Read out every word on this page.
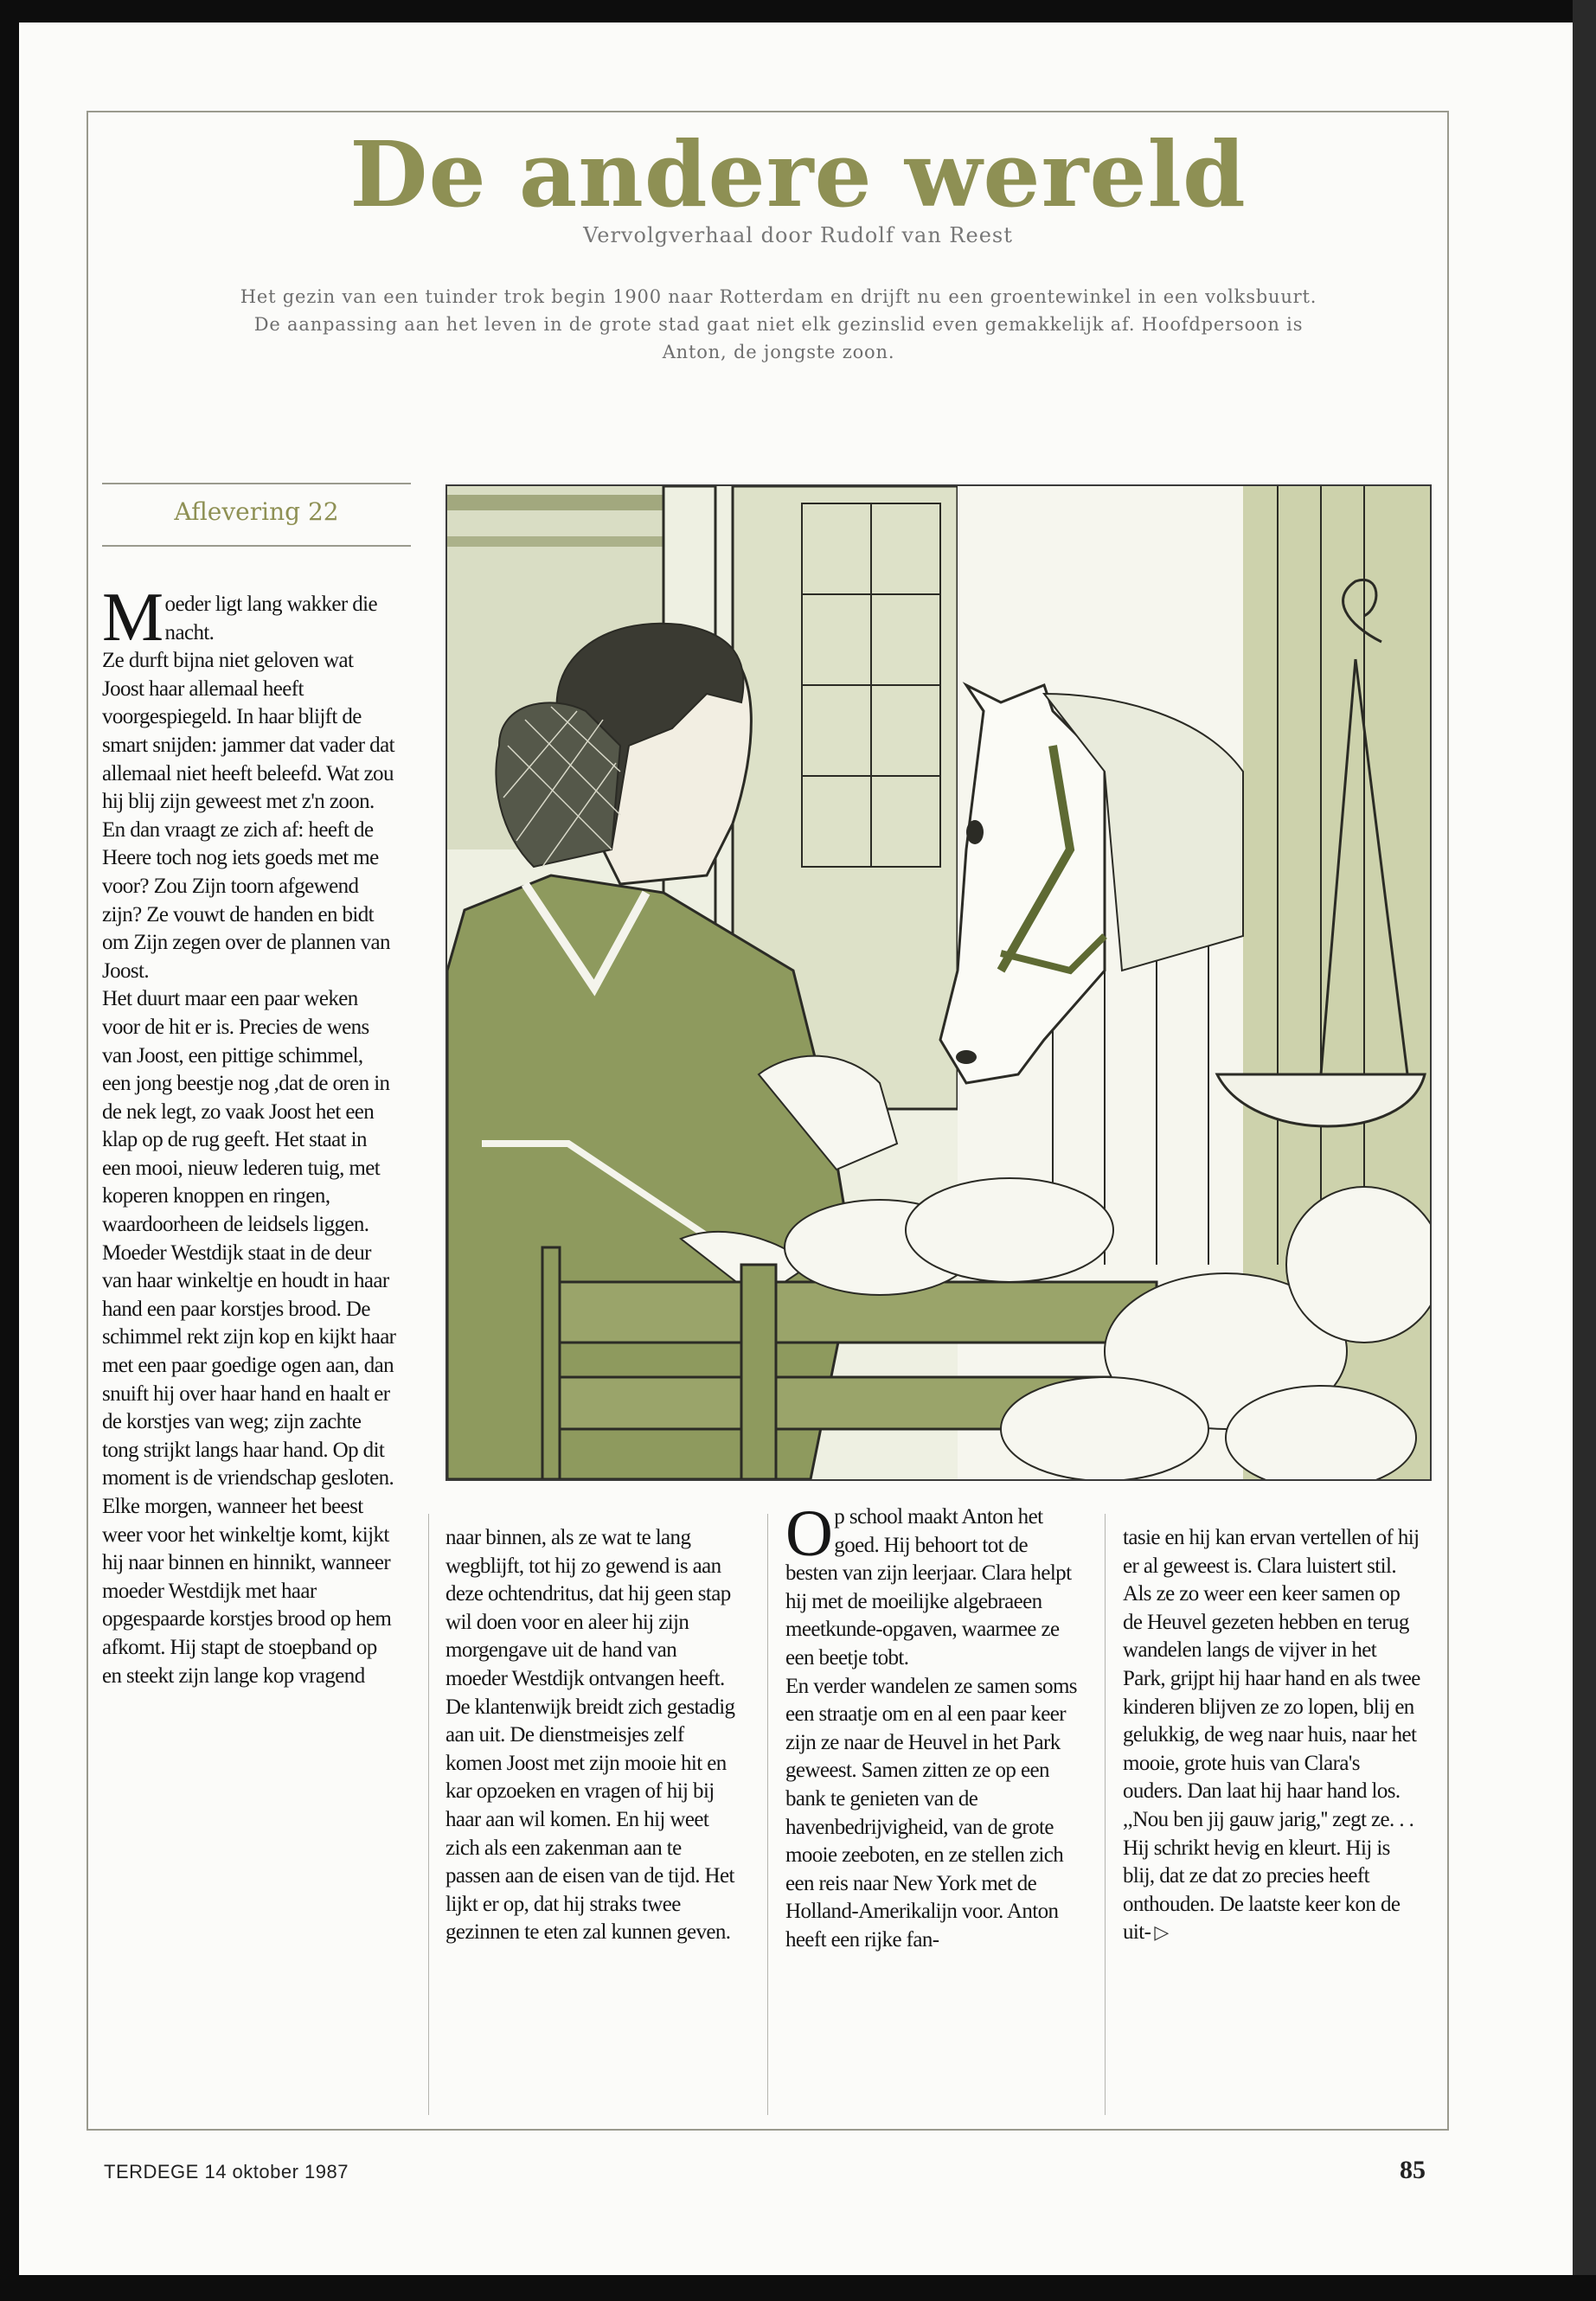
De andere wereld
Vervolgverhaal door Rudolf van Reest
Het gezin van een tuinder trok begin 1900 naar Rotterdam en drijft nu een groentewinkel in een volksbuurt. De aanpassing aan het leven in de grote stad gaat niet elk gezinslid even gemakkelijk af. Hoofdpersoon is Anton, de jongste zoon.
Aflevering 22

Moeder ligt lang wakker die nacht.

Ze durft bijna niet geloven wat Joost haar allemaal heeft voorgespiegeld. In haar blijft de smart snijden: jammer dat vader dat allemaal niet heeft beleefd. Wat zou hij blij zijn geweest met z'n zoon.

En dan vraagt ze zich af: heeft de Heere toch nog iets goeds met me voor? Zou Zijn toorn afgewend zijn? Ze vouwt de handen en bidt om Zijn zegen over de plannen van Joost.

Het duurt maar een paar weken voor de hit er is. Precies de wens van Joost, een pittige schimmel, een jong beestje nog ,dat de oren in de nek legt, zo vaak Joost het een klap op de rug geeft. Het staat in een mooi, nieuw lederen tuig, met koperen knoppen en ringen, waardoorheen de leidsels liggen.

Moeder Westdijk staat in de deur van haar winkeltje en houdt in haar hand een paar korstjes brood. De schimmel rekt zijn kop en kijkt haar met een paar goedige ogen aan, dan snuift hij over haar hand en haalt er de korstjes van weg; zijn zachte tong strijkt langs haar hand. Op dit moment is de vriendschap gesloten. Elke morgen, wanneer het beest weer voor het winkeltje komt, kijkt hij naar binnen en hinnikt, wanneer moeder Westdijk met haar opgespaarde korstjes brood op hem afkomt. Hij stapt de stoepband op en steekt zijn lange kop vragend

naar binnen, als ze wat te lang wegblijft, tot hij zo gewend is aan deze ochtendritus, dat hij geen stap wil doen voor en aleer hij zijn morgengave uit de hand van moeder Westdijk ontvangen heeft.

De klantenwijk breidt zich gestadig aan uit. De dienstmeisjes zelf komen Joost met zijn mooie hit en kar opzoeken en vragen of hij bij haar aan wil komen. En hij weet zich als een zakenman aan te passen aan de eisen van de tijd. Het lijkt er op, dat hij straks twee gezinnen te eten zal kunnen geven.

Op school maakt Anton het goed. Hij behoort tot de besten van zijn leerjaar. Clara helpt hij met de moeilijke algebraeen meetkunde-opgaven, waarmee ze een beetje tobt.

En verder wandelen ze samen soms een straatje om en al een paar keer zijn ze naar de Heuvel in het Park geweest. Samen zitten ze op een bank te genieten van de havenbedrijvigheid, van de grote mooie zeeboten, en ze stellen zich een reis naar New York met de Holland-Amerikalijn voor. Anton heeft een rijke fan-

tasie en hij kan ervan vertellen of hij er al geweest is. Clara luistert stil. Als ze zo weer een keer samen op de Heuvel gezeten hebben en terug wandelen langs de vijver in het Park, grijpt hij haar hand en als twee kinderen blijven ze zo lopen, blij en gelukkig, de weg naar huis, naar het mooie, grote huis van Clara's ouders. Dan laat hij haar hand los.

,,Nou ben jij gauw jarig,'' zegt ze. . .

Hij schrikt hevig en kleurt. Hij is blij, dat ze dat zo precies heeft onthouden. De laatste keer kon de uit- ▷

TERDEGE 14 oktober 1987	85
